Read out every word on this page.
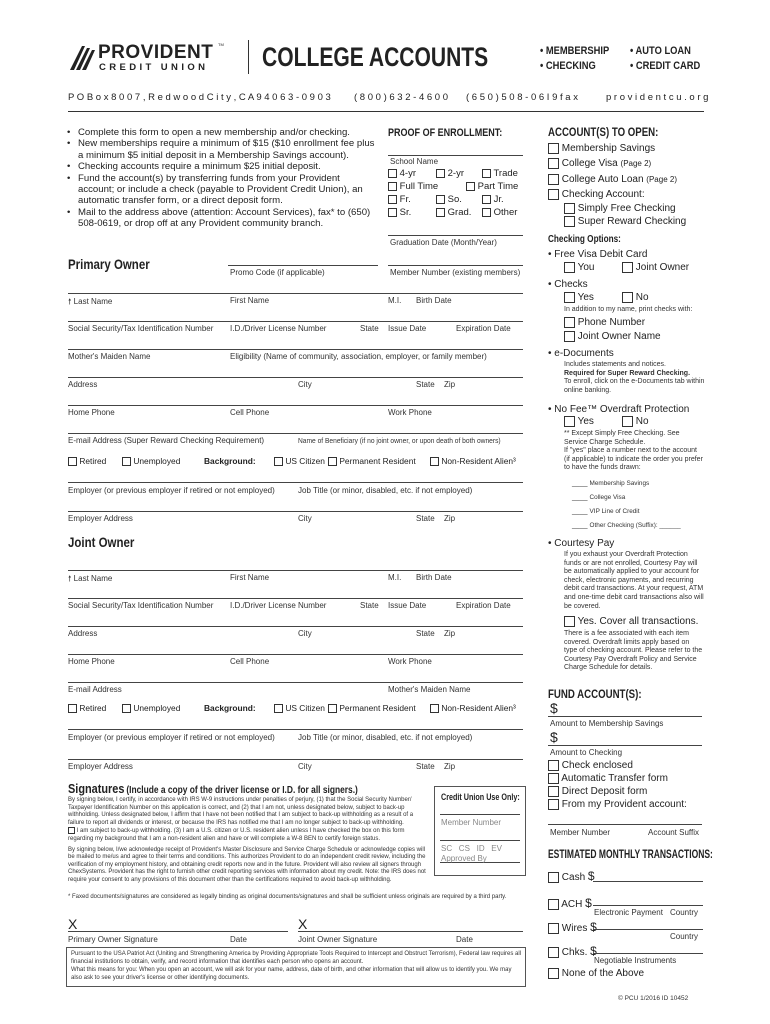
PROVIDENT TM
CREDIT UNION COLLEGE ACCOUNTS	• MEMBERSHIP • AUTO LOAN
• CHECKING	• CREDIT CARD
P O B o x 8 0 0 7 , R e d w o o d C i t y , C A 9 4 0 6 3 - 0 9 0 3 ( 8 0 0 ) 6 3 2 - 4 6 0 0 ( 6 5 0 ) 5 0 8 - 0 6 I 9 f a x	p r o v i d e n t c u . o r g
• Complete this form to open a new membership and/or checking.
• New memberships require a minimum of $15 ($10 enrollment fee plus a minimum $5 initial deposit in a Membership Savings account).
• Checking accounts require a minimum $25 initial deposit.
• Fund the account(s) by transferring funds from your Provident account; or include a check (payable to Provident Credit Union), an automatic transfer form, or a direct deposit form.
• Mail to the address above (attention: Account Services), fax* to (650) 508-0619, or drop off at any Provident community branch.
PROOF OF ENROLLMENT:
School Name
4-yr	2-yr	Trade
Full Time	Part Time
Fr.	So.	Jr.
Sr.	Grad.	Other
Graduation Date (Month/Year)
Primary Owner
Promo Code (if applicable)	Member Number (existing members)
🠕 Last Name	First Name	M.I. Birth Date
Social Security/Tax Identification Number I.D./Driver License Number	State Issue Date	Expiration Date
Mother's Maiden Name	Eligibility (Name of community, association, employer, or family member)
Address	City	State Zip
Home Phone	Cell Phone	Work Phone
E-mail Address (Super Reward Checking Requirement)	Name of Beneficiary (if no joint owner, or upon death of both owners)
Retired	Unemployed	Background:	US Citizen	Permanent Resident	Non-Resident Alien³
Employer (or previous employer if retired or not employed)	Job Title (or minor, disabled, etc. if not employed)
Employer Address	City	State Zip
Joint Owner
🠕 Last Name	First Name	M.I. Birth Date
Social Security/Tax Identification Number I.D./Driver License Number	State Issue Date	Expiration Date
Address	City	State Zip
Home Phone	Cell Phone	Work Phone
E-mail Address	Mother's Maiden Name
Retired	Unemployed	Background:	US Citizen	Permanent Resident	Non-Resident Alien³
Employer (or previous employer if retired or not employed)	Job Title (or minor, disabled, etc. if not employed)
Employer Address	City	State Zip
Signatures (Include a copy of the driver license or I.D. for all signers.)
By signing below, I certify, in accordance with IRS W-9 instructions under penalties of perjury, (1) that the Social Security Number/ Taxpayer Identification Number on this application is correct, and (2) that I am not, unless designated below, subject to back-up withholding. Unless designated below, I affirm that I have not been notified that I am subject to back-up withholding as a result of a failure to report all dividends or interest, or because the IRS has notified me that I am no longer subject to back-up withholding.
I am subject to back-up withholding. (3) I am a U.S. citizen or U.S. resident alien unless I have checked the box on this form regarding my background that I am a non-resident alien and have or will complete a W-8 BEN to certify foreign status.
By signing below, I/we acknowledge receipt of Provident's Master Disclosure and Service Charge Schedule or acknowledge copies will be mailed to me/us and agree to their terms and conditions. This authorizes Provident to do an independent credit review, including the verification of my employment history, and obtaining credit reports now and in the future. Provident will also review all signers through ChexSystems. Provident has the right to furnish other credit reporting services with information about my credit. Note: the IRS does not require your consent to any provisions of this document other than the certifications required to avoid back-up withholding.
* Faxed documents/signatures are considered as legally binding as original documents/signatures and shall be sufficient unless originals are required by a third party.
Credit Union Use Only:
Member Number
SC CS ID EV
Approved By
X	X
Primary Owner Signature	Date	Joint Owner Signature	Date
Pursuant to the USA Patriot Act (Uniting and Strengthening America by Providing Appropriate Tools Required to Intercept and Obstruct Terrorism), Federal law requires all financial institutions to obtain, verify, and record information that identifies each person who opens an account.
What this means for you: When you open an account, we will ask for your name, address, date of birth, and other information that will allow us to identify you. We may also ask to see your driver's license or other identifying documents.
ACCOUNT(S) TO OPEN:
Membership Savings
College Visa (Page 2)
College Auto Loan (Page 2)
Checking Account:
Simply Free Checking
Super Reward Checking
Checking Options:
• Free Visa Debit Card
You	Joint Owner
• Checks
Yes	No
In addition to my name, print checks with:
Phone Number
Joint Owner Name
• e-Documents
Includes statements and notices.
Required for Super Reward Checking.
To enroll, click on the e-Documents tab within online banking.
• No Fee™ Overdraft Protection
Yes	No
** Except Simply Free Checking. See Service Charge Schedule.
If "yes" place a number next to the account (if applicable) to indicate the order you prefer to have the funds drawn:
____ Membership Savings
____ College Visa
____ VIP Line of Credit
____ Other Checking (Suffix): ______
• Courtesy Pay
If you exhaust your Overdraft Protection funds or are not enrolled, Courtesy Pay will be automatically applied to your account for check, electronic payments, and recurring debit card transactions. At your request, ATM and one-time debit card transactions also will be covered.
Yes. Cover all transactions.
There is a fee associated with each item covered. Overdraft limits apply based on type of checking account. Please refer to the Courtesy Pay Overdraft Policy and Service Charge Schedule for details.
FUND ACCOUNT(S):
$
Amount to Membership Savings
$
Amount to Checking
Check enclosed
Automatic Transfer form
Direct Deposit form
From my Provident account:
Member Number	Account Suffix
ESTIMATED MONTHLY TRANSACTIONS:
Cash $
ACH $
Electronic Payment Country
Wires $
Country
Chks. $
Negotiable Instruments
None of the Above
© PCU 1/2016 ID 10452
